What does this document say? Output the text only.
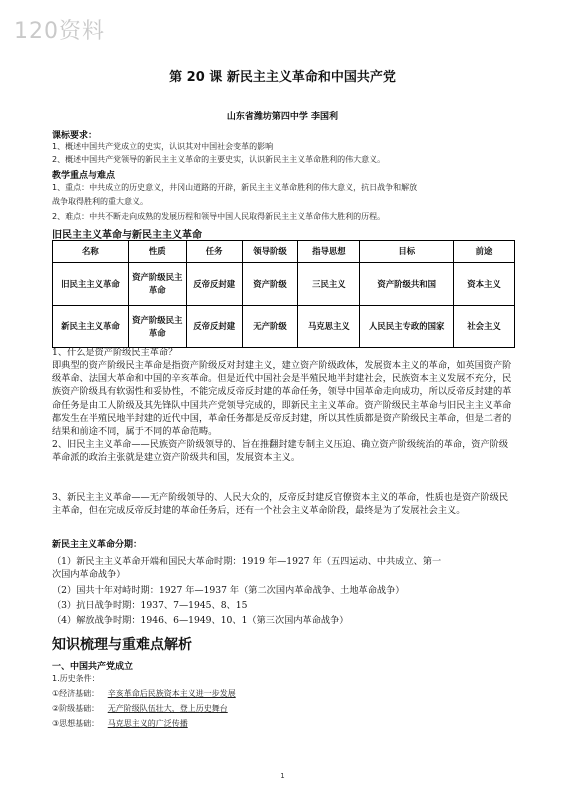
120资料
第 20 课 新民主主义革命和中国共产党
山东省潍坊第四中学 李国利
课标要求：
1、概述中国共产党成立的史实，认识其对中国社会变革的影响
2、概述中国共产党领导的新民主主义革命的主要史实，认识新民主主义革命胜利的伟大意义。
教学重点与难点
1、重点：中共成立的历史意义，井冈山道路的开辟，新民主主义革命胜利的伟大意义，抗日战争和解放
战争取得胜利的重大意义。
2、难点：中共不断走向成熟的发展历程和领导中国人民取得新民主主义革命伟大胜利的历程。
旧民主主义革命与新民主主义革命
名称	性质	任务	领导阶级	指导思想	目标	前途
旧民主主义革命	资产阶级民主革命	反帝反封建	资产阶级	三民主义	资产阶级共和国	资本主义
新民主主义革命	资产阶级民主革命	反帝反封建	无产阶级	马克思主义	人民民主专政的国家	社会主义
1、什么是资产阶级民主革命？
即典型的资产阶级民主革命是指资产阶级反对封建主义，建立资产阶级政体，发展资本主义的革命，如英国资产阶级革命、法国大革命和中国的辛亥革命。但是近代中国社会是半殖民地半封建社会，民族资本主义发展不充分，民族资产阶级具有软弱性和妥协性，不能完成反帝反封建的革命任务，领导中国革命走向成功，所以反帝反封建的革命任务是由工人阶级及其先锋队中国共产党领导完成的，即新民主主义革命。资产阶级民主革命与旧民主主义革命都发生在半殖民地半封建的近代中国，革命任务都是反帝反封建，所以其性质都是资产阶级民主革命，但是二者的结果和前途不同，属于不同的革命范畴。
2、旧民主主义革命——民族资产阶级领导的、旨在推翻封建专制主义压迫、确立资产阶级统治的革命，资产阶级革命派的政治主张就是建立资产阶级共和国，发展资本主义。
3、新民主主义革命——无产阶级领导的、人民大众的，反帝反封建反官僚资本主义的革命，性质也是资产阶级民主革命，但在完成反帝反封建的革命任务后，还有一个社会主义革命阶段，最终是为了发展社会主义。
新民主主义革命分期：
（1）新民主主义革命开端和国民大革命时期：1919 年—1927 年（五四运动、中共成立、第一
次国内革命战争）
（2）国共十年对峙时期：1927 年—1937 年（第二次国内革命战争、土地革命战争）
（3）抗日战争时期：1937、7—1945、8、15
（4）解放战争时期：1946、6—1949、10、1（第三次国内革命战争）
知识梳理与重难点解析
一、中国共产党成立
1.历史条件：
①经济基础： 辛亥革命后民族资本主义进一步发展
②阶级基础： 无产阶级队伍壮大，登上历史舞台
③思想基础： 马克思主义的广泛传播
1
